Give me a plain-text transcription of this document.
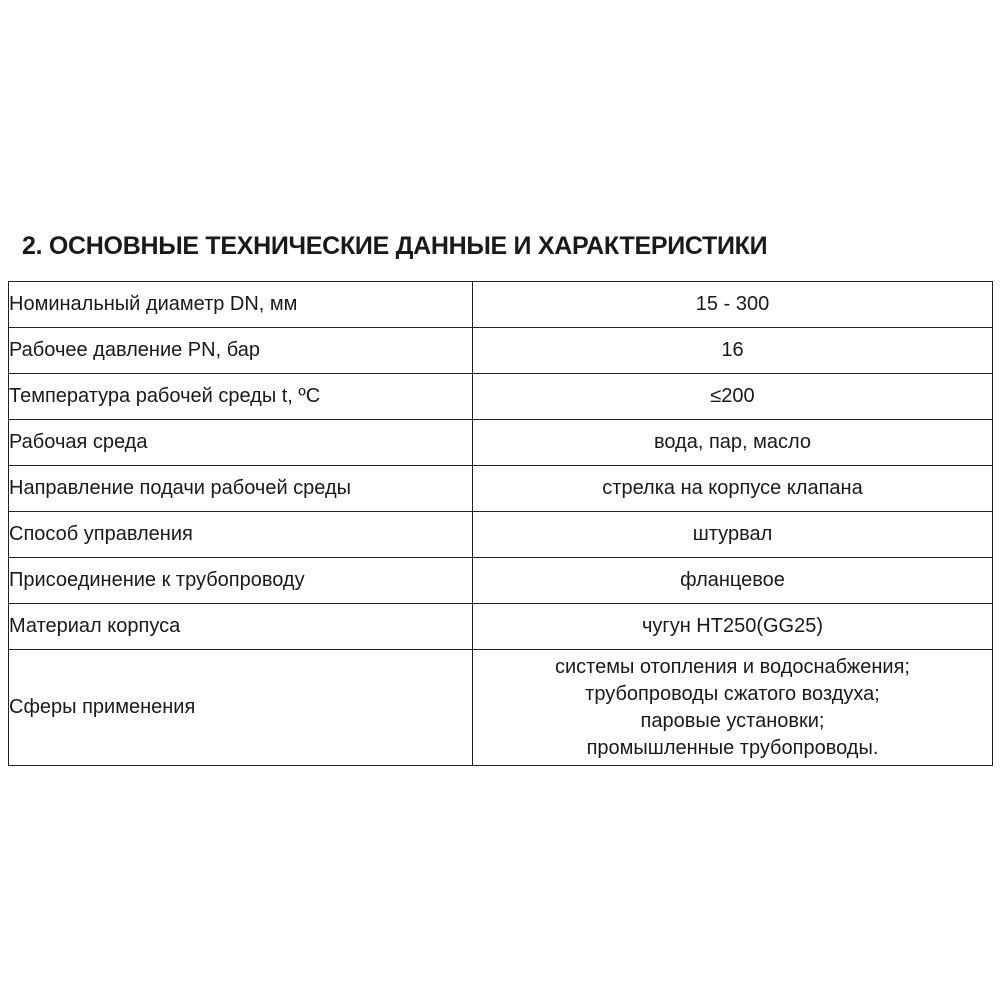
2. ОСНОВНЫЕ ТЕХНИЧЕСКИЕ ДАННЫЕ И ХАРАКТЕРИСТИКИ
Номинальный диаметр DN, мм	15 - 300
Рабочее давление PN, бар	16
Температура рабочей среды t, ºС	≤200
Рабочая среда	вода, пар, масло
Направление подачи рабочей среды	стрелка на корпусе клапана
Способ управления	штурвал
Присоединение к трубопроводу	фланцевое
Материал корпуса	чугун HT250(GG25)
Сферы применения	системы отопления и водоснабжения;
трубопроводы сжатого воздуха;
паровые установки;
промышленные трубопроводы.
